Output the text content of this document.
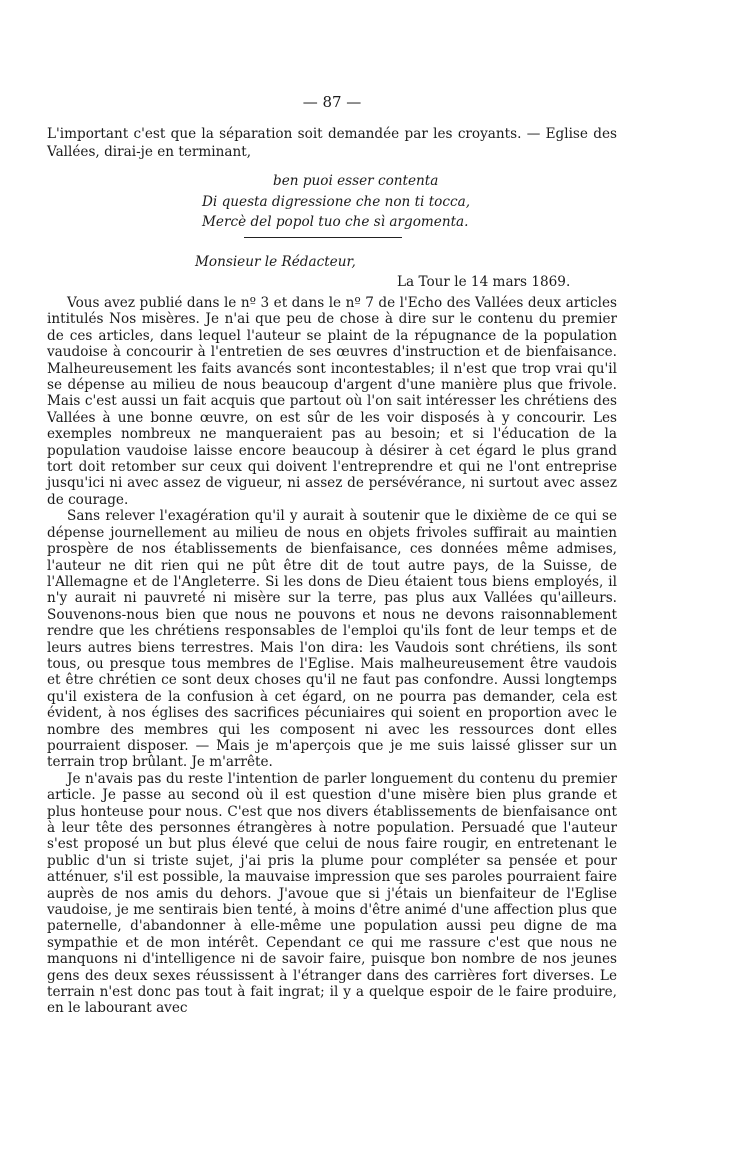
— 87 —
L'important c'est que la séparation soit demandée par les croyants. — Eglise des Vallées, dirai-je en terminant,
ben puoi esser contenta
Di questa digressione che non ti tocca,
Mercè del popol tuo che sì argomenta.
Monsieur le Rédacteur,
La Tour le 14 mars 1869.

Vous avez publié dans le nº 3 et dans le nº 7 de l'Echo des Vallées deux articles intitulés Nos misères. Je n'ai que peu de chose à dire sur le contenu du premier de ces articles, dans lequel l'auteur se plaint de la répugnance de la population vaudoise à concourir à l'entretien de ses œuvres d'instruction et de bienfaisance. Malheureusement les faits avancés sont incontestables; il n'est que trop vrai qu'il se dépense au milieu de nous beaucoup d'argent d'une manière plus que frivole. Mais c'est aussi un fait acquis que partout où l'on sait intéresser les chrétiens des Vallées à une bonne œuvre, on est sûr de les voir disposés à y concourir. Les exemples nombreux ne manqueraient pas au besoin; et si l'éducation de la population vaudoise laisse encore beaucoup à désirer à cet égard le plus grand tort doit retomber sur ceux qui doivent l'entreprendre et qui ne l'ont entreprise jusqu'ici ni avec assez de vigueur, ni assez de persévérance, ni surtout avec assez de courage.

Sans relever l'exagération qu'il y aurait à soutenir que le dixième de ce qui se dépense journellement au milieu de nous en objets frivoles suffirait au maintien prospère de nos établissements de bienfaisance, ces données même admises, l'auteur ne dit rien qui ne pût être dit de tout autre pays, de la Suisse, de l'Allemagne et de l'Angleterre. Si les dons de Dieu étaient tous biens employés, il n'y aurait ni pauvreté ni misère sur la terre, pas plus aux Vallées qu'ailleurs. Souvenons-nous bien que nous ne pouvons et nous ne devons raisonnablement rendre que les chrétiens responsables de l'emploi qu'ils font de leur temps et de leurs autres biens terrestres. Mais l'on dira: les Vaudois sont chrétiens, ils sont tous, ou presque tous membres de l'Eglise. Mais malheureusement être vaudois et être chrétien ce sont deux choses qu'il ne faut pas confondre. Aussi longtemps qu'il existera de la confusion à cet égard, on ne pourra pas demander, cela est évident, à nos églises des sacrifices pécuniaires qui soient en proportion avec le nombre des membres qui les composent ni avec les ressources dont elles pourraient disposer. — Mais je m'aperçois que je me suis laissé glisser sur un terrain trop brûlant. Je m'arrête.

Je n'avais pas du reste l'intention de parler longuement du contenu du premier article. Je passe au second où il est question d'une misère bien plus grande et plus honteuse pour nous. C'est que nos divers établissements de bienfaisance ont à leur tête des personnes étrangères à notre population. Persuadé que l'auteur s'est proposé un but plus élevé que celui de nous faire rougir, en entretenant le public d'un si triste sujet, j'ai pris la plume pour compléter sa pensée et pour atténuer, s'il est possible, la mauvaise impression que ses paroles pourraient faire auprès de nos amis du dehors. J'avoue que si j'étais un bienfaiteur de l'Eglise vaudoise, je me sentirais bien tenté, à moins d'être animé d'une affection plus que paternelle, d'abandonner à elle-même une population aussi peu digne de ma sympathie et de mon intérêt. Cependant ce qui me rassure c'est que nous ne manquons ni d'intelligence ni de savoir faire, puisque bon nombre de nos jeunes gens des deux sexes réussissent à l'étranger dans des carrières fort diverses. Le terrain n'est donc pas tout à fait ingrat; il y a quelque espoir de le faire produire, en le labourant avec
